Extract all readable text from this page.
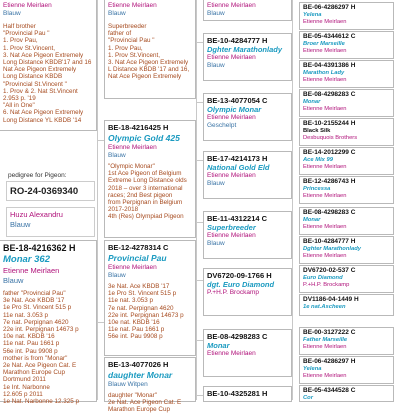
Etienne Meirlaen
Blauw
Half brother
"Provincial Pau "
1. Prov Pau,
1. Prov St.Vincent,
3. Nat Ace Pigeon Extremely
Long Distance KBDB'17 and 16
Nat Ace Pigeon Extremely
Long Distance KBDB
"Provincial St.Vincent "
1. Prov & 2. Nat St.Vincent
2.953 p. '19
"All in One"
6. Nat Ace Pigeon Extremely
Long Distance YL KBDB '14
pedigree for Pigeon:
RO-24-0369340
Huzu Alexandru
Blauw
BE-18-4216362 H
Monar 362
Etienne Meirlaen
Blauw
father "Provincial Pau"
3e Nat. Ace KBDB '17
1e Pro St. Vincent 515 p
11e nat. 3.053 p
7e nat. Perpignan 4620
22e int. Perpignan 14673 p
10e nat. KBDB '16
11e nat. Pau 1661 p
56e int. Pau 9908 p
mother is from "Monar"
2e Nat. Ace Pigeon Cat. E
Marathon Europe Cup
Dortmund 2011
1e Int. Narbonne
12.605 p 2011
1e Nat. Narbonne 12.325 p
Etienne Meirlaen
Blauw
Superbreeder
father of
"Provincial Pau "
1. Prov Pau,
1. Prov St.Vincent,
3. Nat Ace Pigeon Extremely
L Distance KBDB '17 and 16,
Nat Ace Pigeon Extremely
BE-18-4216425 H
Olympic Gold 425
Etienne Meirlaen
Blauw
"Olympic Monar"
1st Ace Pigeon of Belgium
Extreme Long Distance olds
2018 – over 3 international
races; 2nd Best pigeon
from Perpignan in Belgium
2017-2018
4th (Res) Olympiad Pigeon
BE-12-4278314 C
Provincial Pau
Etienne Meirlaen
Blauw
3e Nat. Ace KBDB '17
1e Pro St. Vincent 515 p
11e nat. 3.053 p
7e nat. Perpignan 4620
22e int. Perpignan 14673 p
10e nat. KBDB '16
11e nat. Pau 1661 p
56e int. Pau 9908 p
BE-13-4077026 H
daughter Monar
Blauw Witpen
daughter "Monar"
2e Nat. Ace Pigeon Cat. E
Marathon Europe Cup
Etienne Meirlaen
Blauw
BE-10-4284777 H
Dghter Marathonlady
Etienne Meirlaen
Blauw
BE-13-4077054 C
Olympic Monar
Etienne Meirlaen
Geschelpt
BE-17-4214173 H
National Gold Eld
Etienne Meirlaen
Blauw
BE-11-4312214 C
Superbreeder
Etienne Meirlaen
Blauw
DV6720-09-1766 H
dgt. Euro Diamond
P.+H.P. Brockamp
BE-08-4298283 C
Monar
Etienne Meirlaen
BE-10-4325281 H
BE-06-4286297 H
Yelena
Etienne Meirlaen
BE-05-4344612 C
Broer Marseille
Etienne Meirlaen
BE-04-4391386 H
Marathon Lady
Etienne Meirlaen
BE-08-4298283 C
Monar
Etienne Meirlaen
BE-10-2155244 H
Black Silk
Desbuquois Brothers
BE-14-2012299 C
Ace Mix 99
Etienne Meirlaen
BE-12-4286743 H
Princessa
Etienne Meirlaen
BE-08-4298283 C
Monar
Etienne Meirlaen
BE-10-4284777 H
Dghter Marathonlady
Etienne Meirlaen
DV6720-02-537 C
Euro Diamond
P.+H.P. Brockamp
DV1186-04-1449 H
1e nat.Ascheen
BE-00-3127222 C
Father Marseille
Etienne Meirlaen
BE-06-4286297 H
Yelena
Etienne Meirlaen
BE-05-4344528 C
Cor
